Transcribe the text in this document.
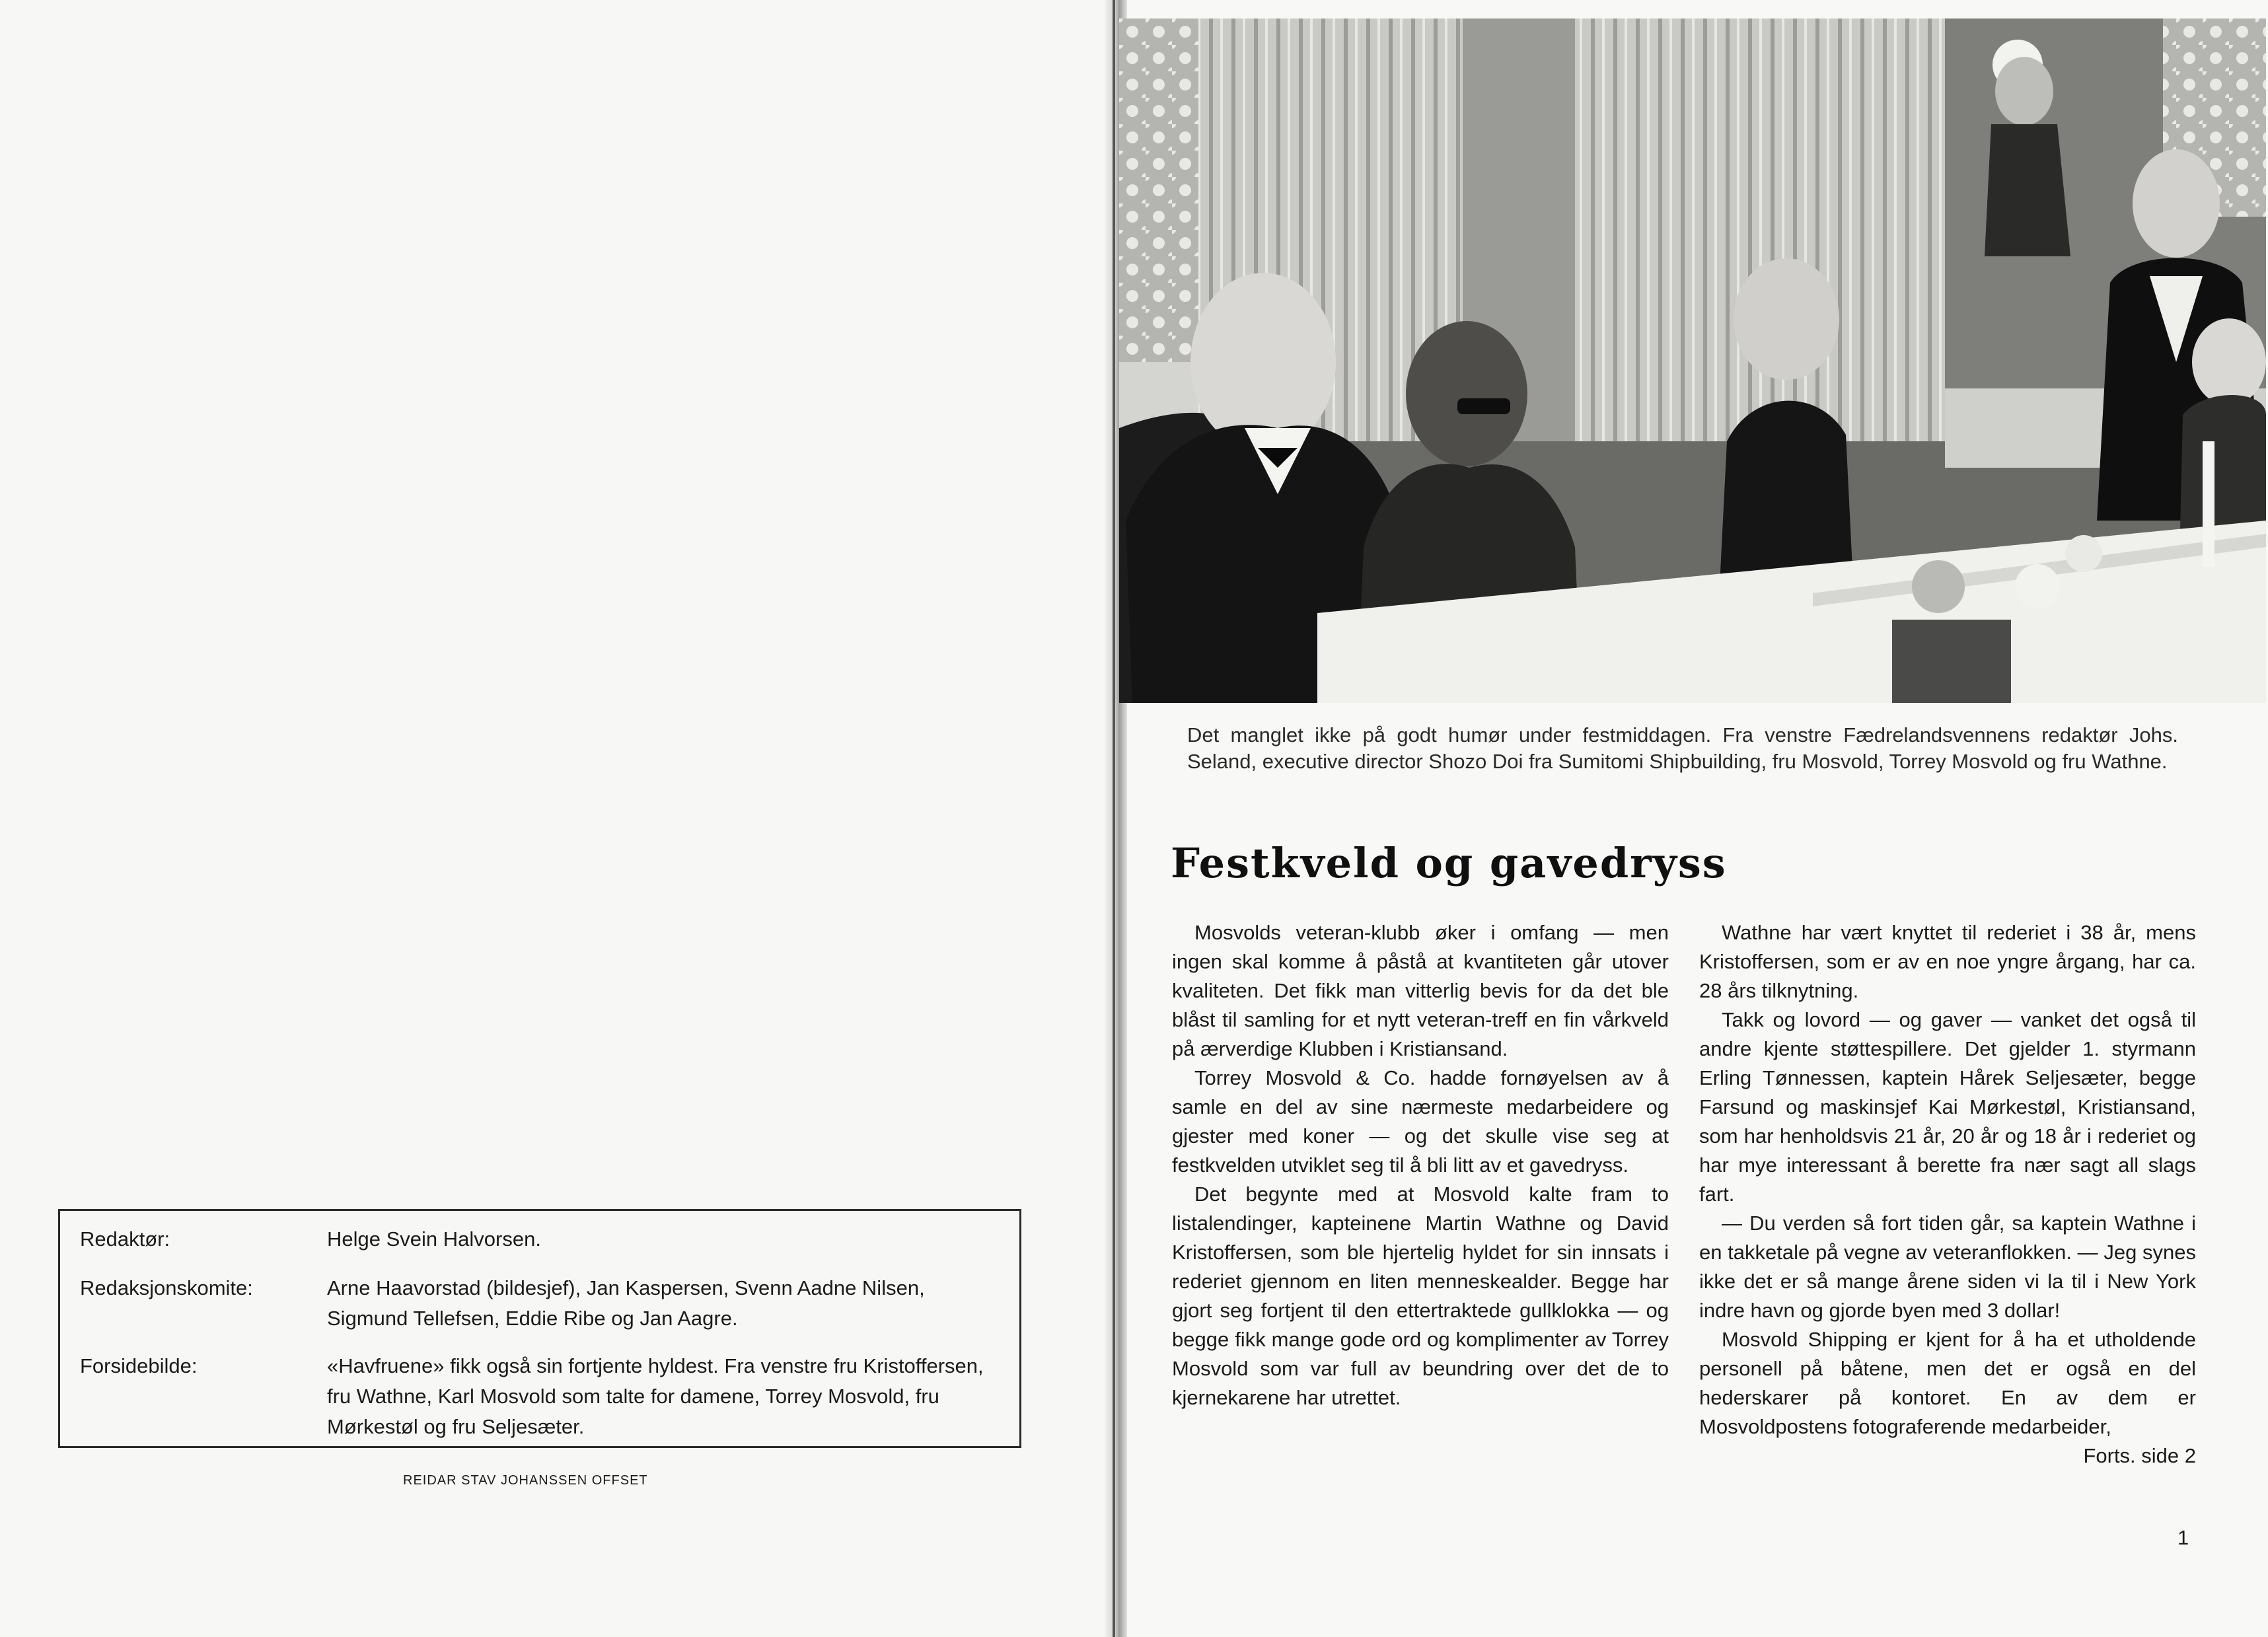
Redaktør:	Helge Svein Halvorsen.
Redaksjonskomite:	Arne Haavorstad (bildesjef), Jan Kaspersen, Svenn Aadne Nilsen, Sigmund Tellefsen, Eddie Ribe og Jan Aagre.
Forsidebilde:	«Havfruene» fikk også sin fortjente hyldest. Fra venstre fru Kristoffersen, fru Wathne, Karl Mosvold som talte for damene, Torrey Mosvold, fru Mørkestøl og fru Seljesæter.
REIDAR STAV JOHANSSEN OFFSET
Det manglet ikke på godt humør under festmiddagen. Fra venstre Fædrelandsvennens redaktør Johs. Seland, executive director Shozo Doi fra Sumitomi Shipbuilding, fru Mosvold, Torrey Mosvold og fru Wathne.
Festkveld og gavedryss

Mosvolds veteran-klubb øker i omfang — men ingen skal komme å påstå at kvantiteten går utover kvaliteten. Det fikk man vitterlig bevis for da det ble blåst til samling for et nytt veteran-treff en fin vårkveld på ærverdige Klubben i Kristiansand.

Torrey Mosvold & Co. hadde fornøyelsen av å samle en del av sine nærmeste medarbeidere og gjester med koner — og det skulle vise seg at festkvelden utviklet seg til å bli litt av et gavedryss.

Det begynte med at Mosvold kalte fram to listalendinger, kapteinene Martin Wathne og David Kristoffersen, som ble hjertelig hyldet for sin innsats i rederiet gjennom en liten menneskealder. Begge har gjort seg fortjent til den ettertraktede gullklokka — og begge fikk mange gode ord og komplimenter av Torrey Mosvold som var full av beundring over det de to kjernekarene har utrettet.

Wathne har vært knyttet til rederiet i 38 år, mens Kristoffersen, som er av en noe yngre årgang, har ca. 28 års tilknytning.

Takk og lovord — og gaver — vanket det også til andre kjente støttespillere. Det gjelder 1. styrmann Erling Tønnessen, kaptein Hårek Seljesæter, begge Farsund og maskinsjef Kai Mørkestøl, Kristiansand, som har henholdsvis 21 år, 20 år og 18 år i rederiet og har mye interessant å berette fra nær sagt all slags fart.

— Du verden så fort tiden går, sa kaptein Wathne i en takketale på vegne av veteranflokken. — Jeg synes ikke det er så mange årene siden vi la til i New York indre havn og gjorde byen med 3 dollar!

Mosvold Shipping er kjent for å ha et utholdende personell på båtene, men det er også en del hederskarer på kontoret. En av dem er Mosvoldpostens fotograferende medarbeider,

Forts. side 2
1
